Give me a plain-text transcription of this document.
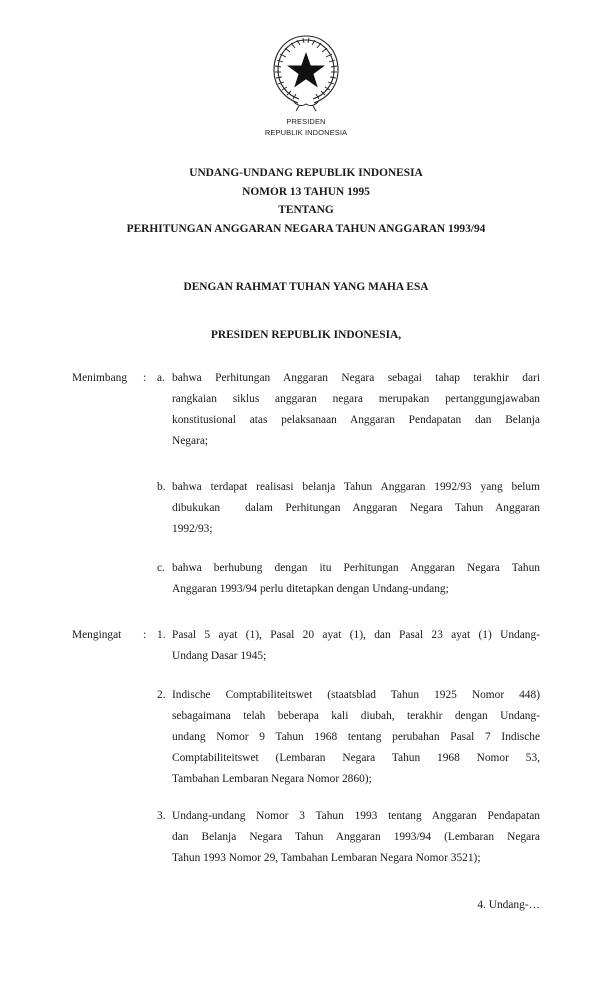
PRESIDEN
REPUBLIK INDONESIA
UNDANG-UNDANG REPUBLIK INDONESIA
NOMOR 13 TAHUN 1995
TENTANG
PERHITUNGAN ANGGARAN NEGARA TAHUN ANGGARAN 1993/94
DENGAN RAHMAT TUHAN YANG MAHA ESA
PRESIDEN REPUBLIK INDONESIA,
Menimbang : a. bahwa Perhitungan Anggaran Negara sebagai tahap terakhir dari
rangkaian siklus anggaran negara merupakan pertanggungjawaban
konstitusional atas pelaksanaan Anggaran Pendapatan dan Belanja
Negara;
b. bahwa terdapat realisasi belanja Tahun Anggaran 1992/93 yang belum
dibukukan  dalam Perhitungan Anggaran Negara Tahun Anggaran
1992/93;
c. bahwa berhubung dengan itu Perhitungan Anggaran Negara Tahun
Anggaran 1993/94 perlu ditetapkan dengan Undang-undang;
Mengingat : 1. Pasal 5 ayat (1), Pasal 20 ayat (1), dan Pasal 23 ayat (1) Undang-
Undang Dasar 1945;
2. Indische Comptabiliteitswet (staatsblad Tahun 1925 Nomor 448)
sebagaimana telah beberapa kali diubah, terakhir dengan Undang-
undang Nomor 9 Tahun 1968 tentang perubahan Pasal 7 Indische
Comptabiliteitswet (Lembaran Negara Tahun 1968 Nomor 53,
Tambahan Lembaran Negara Nomor 2860);
3. Undang-undang Nomor 3 Tahun 1993 tentang Anggaran Pendapatan
dan Belanja Negara Tahun Anggaran 1993/94 (Lembaran Negara
Tahun 1993 Nomor 29, Tambahan Lembaran Negara Nomor 3521);
4. Undang-…
